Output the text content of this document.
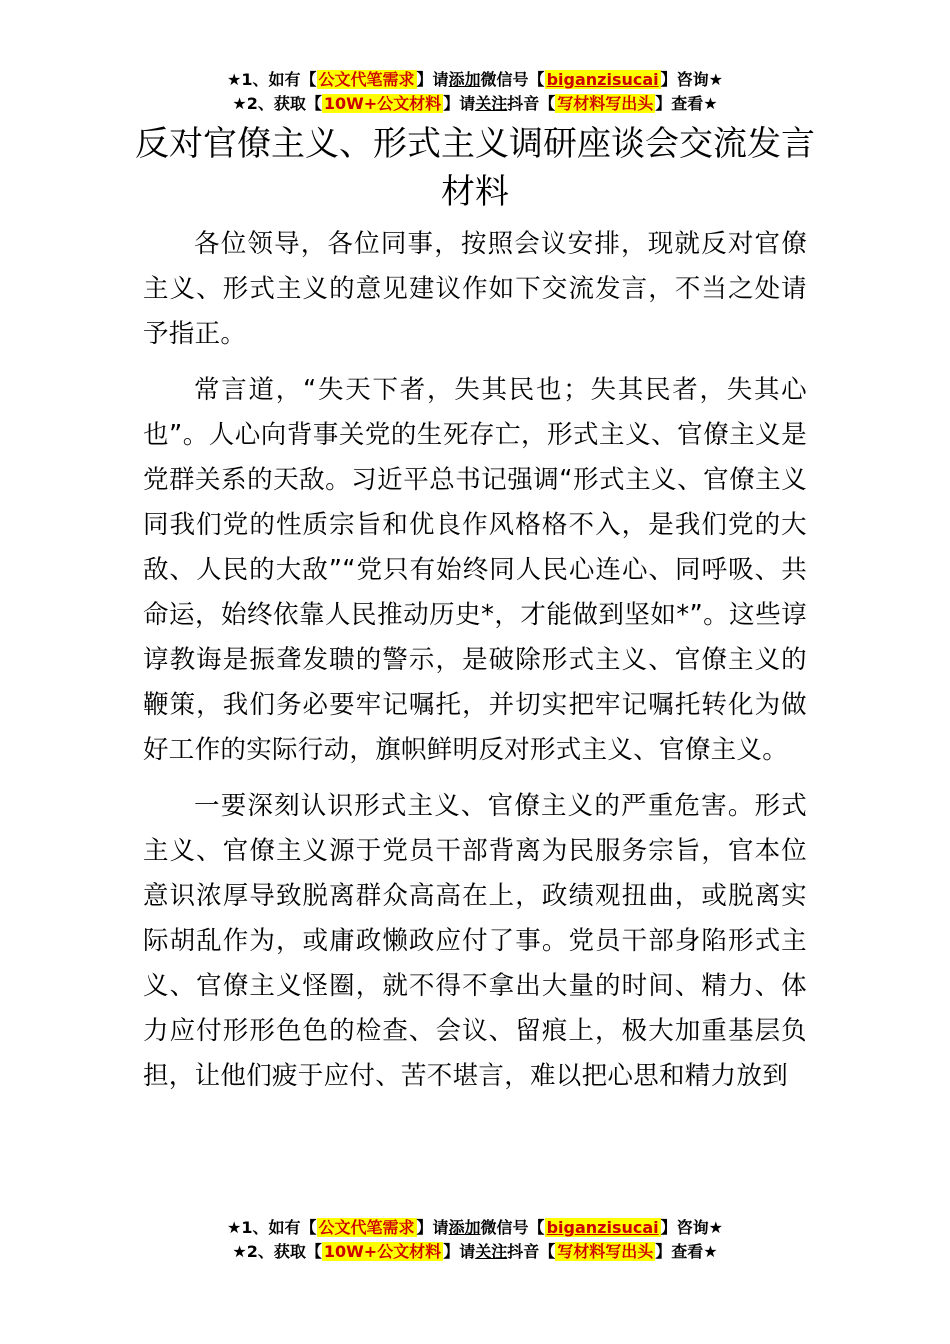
★1、如有【 公文代笔需求 】请添加微信号【 biganzisucai 】咨询★
★2、获取【 10W+公文材料 】请关注抖音【 写材料写出头 】查看★
反对官僚主义、形式主义调研座谈会交流发言材料

各位领导，各位同事，按照会议安排，现就反对官僚主义、形式主义的意见建议作如下交流发言，不当之处请予指正。

常言道，“失天下者，失其民也；失其民者，失其心也”。人心向背事关党的生死存亡，形式主义、官僚主义是党群关系的天敌。习近平总书记强调“形式主义、官僚主义同我们党的性质宗旨和优良作风格格不入，是我们党的大敌、人民的大敌”“党只有始终同人民心连心、同呼吸、共命运，始终依靠人民推动历史*，才能做到坚如*”。这些谆谆教诲是振聋发聩的警示，是破除形式主义、官僚主义的鞭策，我们务必要牢记嘱托，并切实把牢记嘱托转化为做好工作的实际行动，旗帜鲜明反对形式主义、官僚主义。

一要深刻认识形式主义、官僚主义的严重危害。形式主义、官僚主义源于党员干部背离为民服务宗旨，官本位意识浓厚导致脱离群众高高在上，政绩观扭曲，或脱离实际胡乱作为，或庸政懒政应付了事。党员干部身陷形式主义、官僚主义怪圈，就不得不拿出大量的时间、精力、体力应付形形色色的检查、会议、留痕上，极大加重基层负担，让他们疲于应付、苦不堪言，难以把心思和精力放到

★1、如有【 公文代笔需求 】请添加微信号【 biganzisucai 】咨询★
★2、获取【 10W+公文材料 】请关注抖音【 写材料写出头 】查看★
